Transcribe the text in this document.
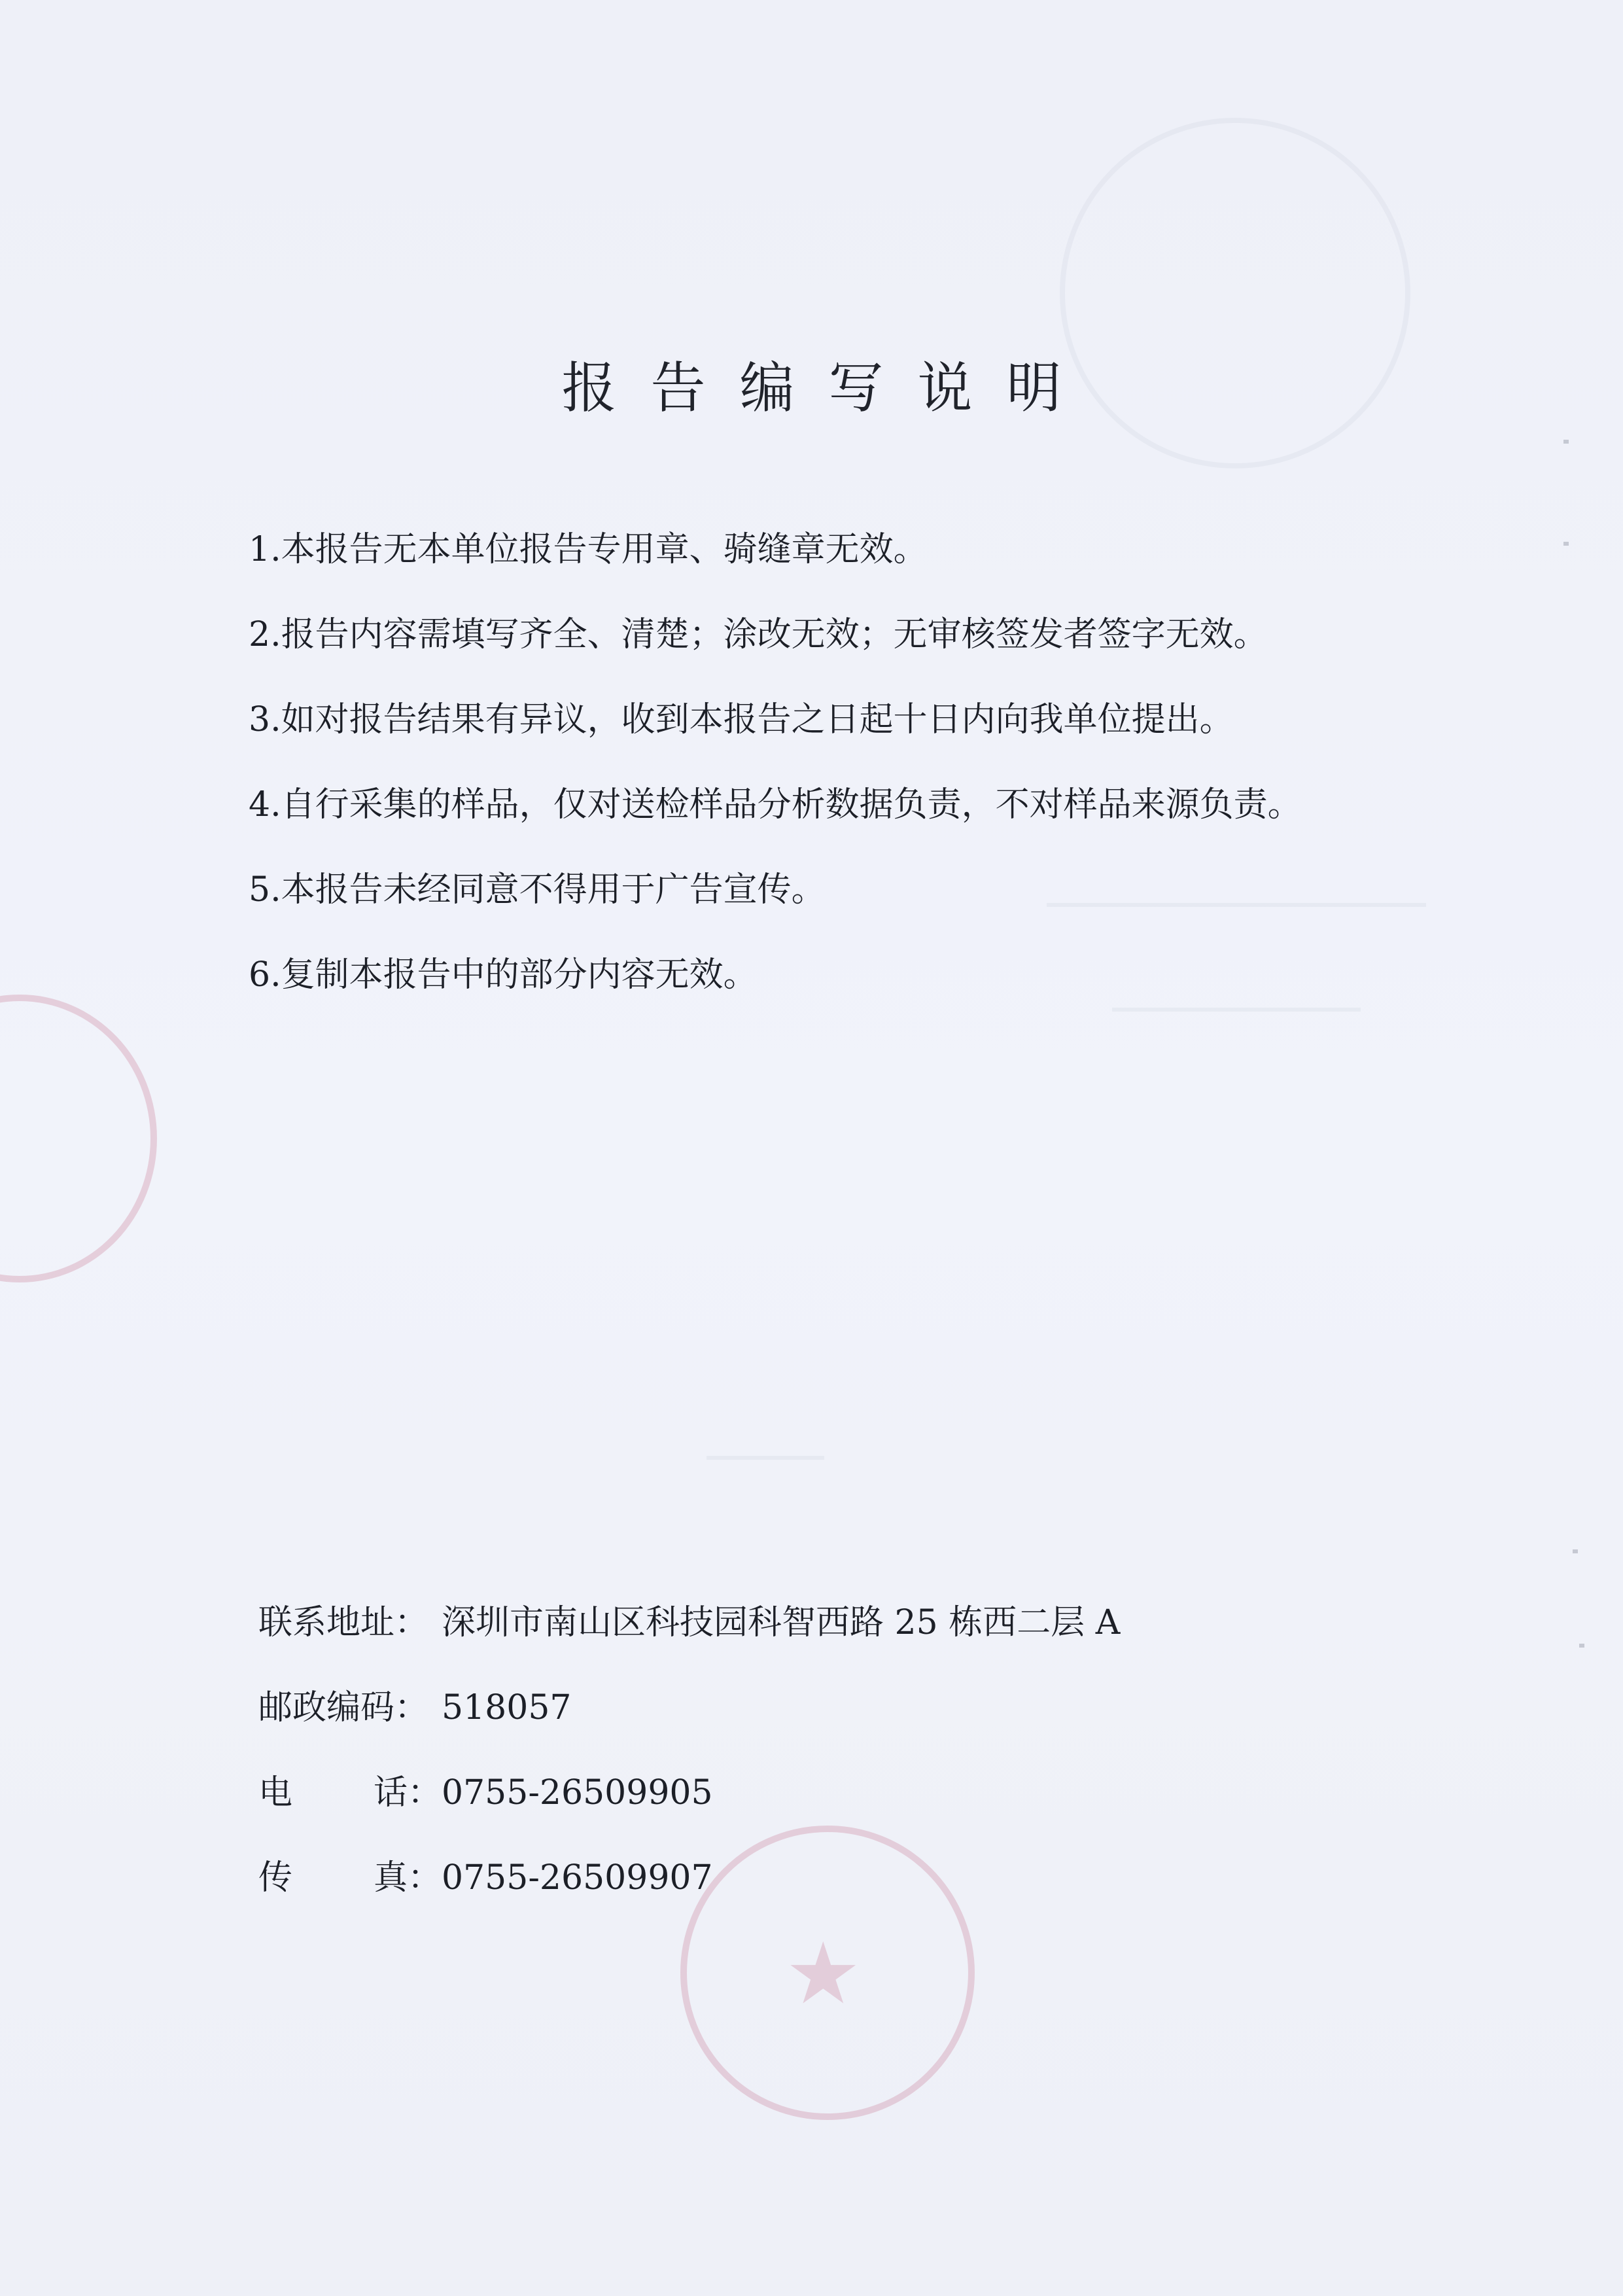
★
报告编写说明
1.本报告无本单位报告专用章、骑缝章无效。
2.报告内容需填写齐全、清楚；涂改无效；无审核签发者签字无效。
3.如对报告结果有异议，收到本报告之日起十日内向我单位提出。
4.自行采集的样品，仅对送检样品分析数据负责，不对样品来源负责。
5.本报告未经同意不得用于广告宣传。
6.复制本报告中的部分内容无效。
联系地址： 深圳市南山区科技园科智西路 25 栋西二层 A
邮政编码： 518057
电 话： 0755-26509905
传 真： 0755-26509907
